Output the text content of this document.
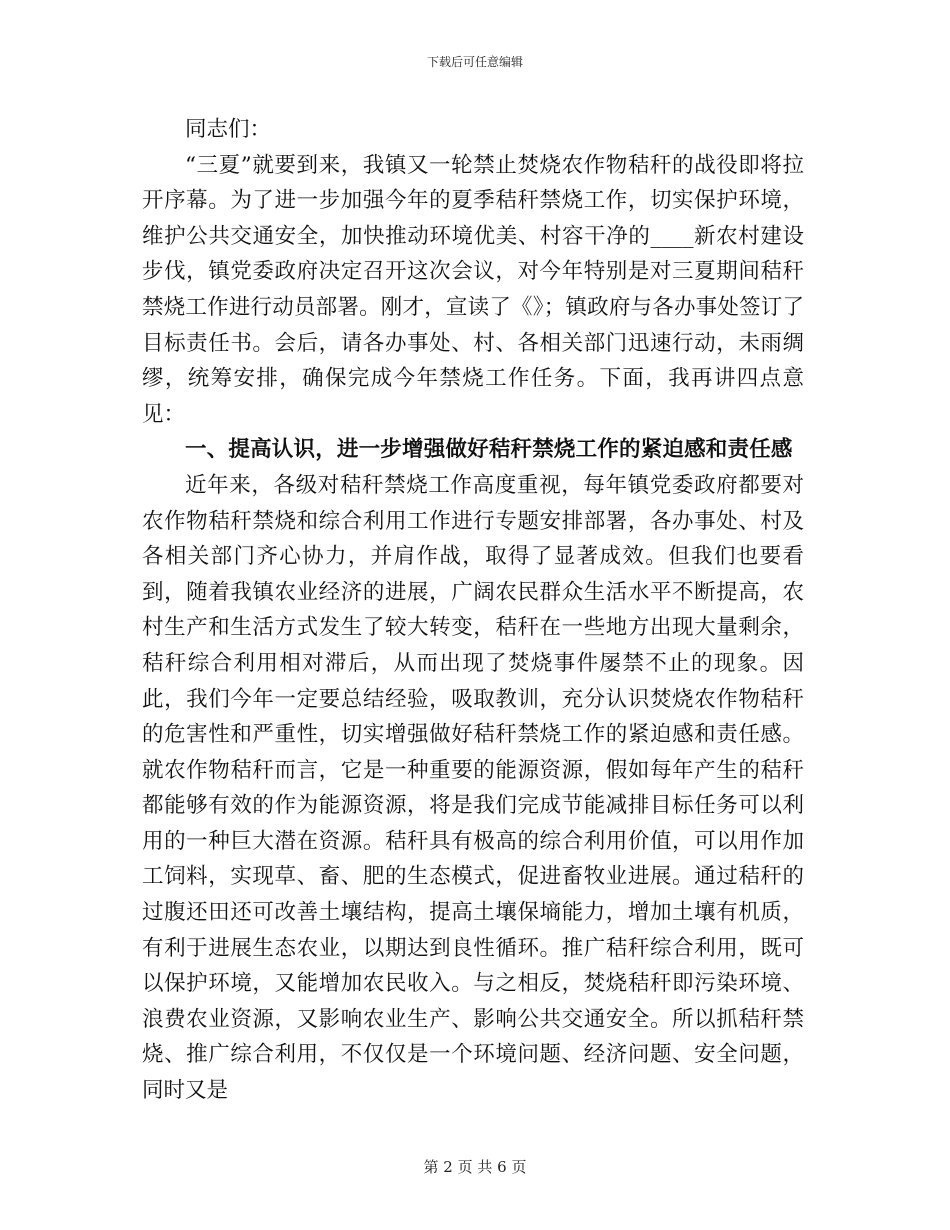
下载后可任意编辑

同志们：

“三夏”就要到来，我镇又一轮禁止焚烧农作物秸秆的战役即将拉开序幕。为了进一步加强今年的夏季秸秆禁烧工作，切实保护环境，维护公共交通安全，加快推动环境优美、村容干净的____新农村建设步伐，镇党委政府决定召开这次会议，对今年特别是对三夏期间秸秆禁烧工作进行动员部署。刚才，宣读了《》；镇政府与各办事处签订了目标责任书。会后，请各办事处、村、各相关部门迅速行动，未雨绸缪，统筹安排，确保完成今年禁烧工作任务。下面，我再讲四点意见：

一、提高认识，进一步增强做好秸秆禁烧工作的紧迫感和责任感

近年来，各级对秸秆禁烧工作高度重视，每年镇党委政府都要对农作物秸秆禁烧和综合利用工作进行专题安排部署，各办事处、村及各相关部门齐心协力，并肩作战，取得了显著成效。但我们也要看到，随着我镇农业经济的进展，广阔农民群众生活水平不断提高，农村生产和生活方式发生了较大转变，秸秆在一些地方出现大量剩余，秸秆综合利用相对滞后，从而出现了焚烧事件屡禁不止的现象。因此，我们今年一定要总结经验，吸取教训，充分认识焚烧农作物秸秆的危害性和严重性，切实增强做好秸秆禁烧工作的紧迫感和责任感。就农作物秸秆而言，它是一种重要的能源资源，假如每年产生的秸秆都能够有效的作为能源资源，将是我们完成节能减排目标任务可以利用的一种巨大潜在资源。秸秆具有极高的综合利用价值，可以用作加工饲料，实现草、畜、肥的生态模式，促进畜牧业进展。通过秸秆的过腹还田还可改善土壤结构，提高土壤保墒能力，增加土壤有机质，有利于进展生态农业，以期达到良性循环。推广秸秆综合利用，既可以保护环境，又能增加农民收入。与之相反，焚烧秸秆即污染环境、浪费农业资源，又影响农业生产、影响公共交通安全。所以抓秸秆禁烧、推广综合利用，不仅仅是一个环境问题、经济问题、安全问题，同时又是

第 2 页 共 6 页
